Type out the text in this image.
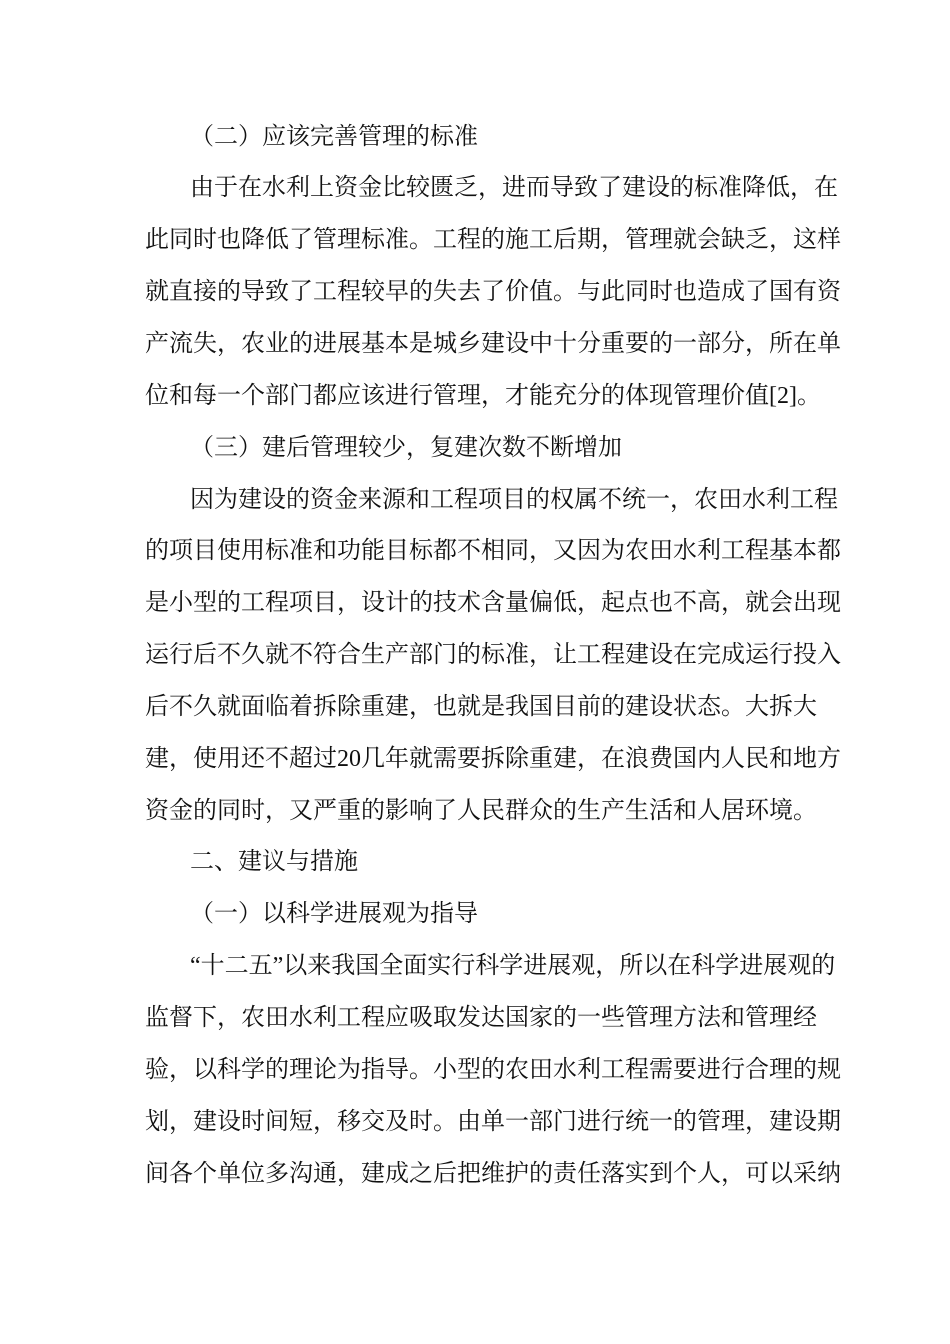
（二）应该完善管理的标准
由于在水利上资金比较匮乏，进而导致了建设的标准降低，在
此同时也降低了管理标准。工程的施工后期，管理就会缺乏，这样
就直接的导致了工程较早的失去了价值。与此同时也造成了国有资
产流失，农业的进展基本是城乡建设中十分重要的一部分，所在单
位和每一个部门都应该进行管理，才能充分的体现管理价值[2]。
（三）建后管理较少，复建次数不断增加
因为建设的资金来源和工程项目的权属不统一，农田水利工程
的项目使用标准和功能目标都不相同，又因为农田水利工程基本都
是小型的工程项目，设计的技术含量偏低，起点也不高，就会出现
运行后不久就不符合生产部门的标准，让工程建设在完成运行投入
后不久就面临着拆除重建，也就是我国目前的建设状态。大拆大
建，使用还不超过20几年就需要拆除重建，在浪费国内人民和地方
资金的同时，又严重的影响了人民群众的生产生活和人居环境。
二、建议与措施
（一）以科学进展观为指导
“十二五”以来我国全面实行科学进展观，所以在科学进展观的
监督下，农田水利工程应吸取发达国家的一些管理方法和管理经
验，以科学的理论为指导。小型的农田水利工程需要进行合理的规
划，建设时间短，移交及时。由单一部门进行统一的管理，建设期
间各个单位多沟通，建成之后把维护的责任落实到个人，可以采纳
